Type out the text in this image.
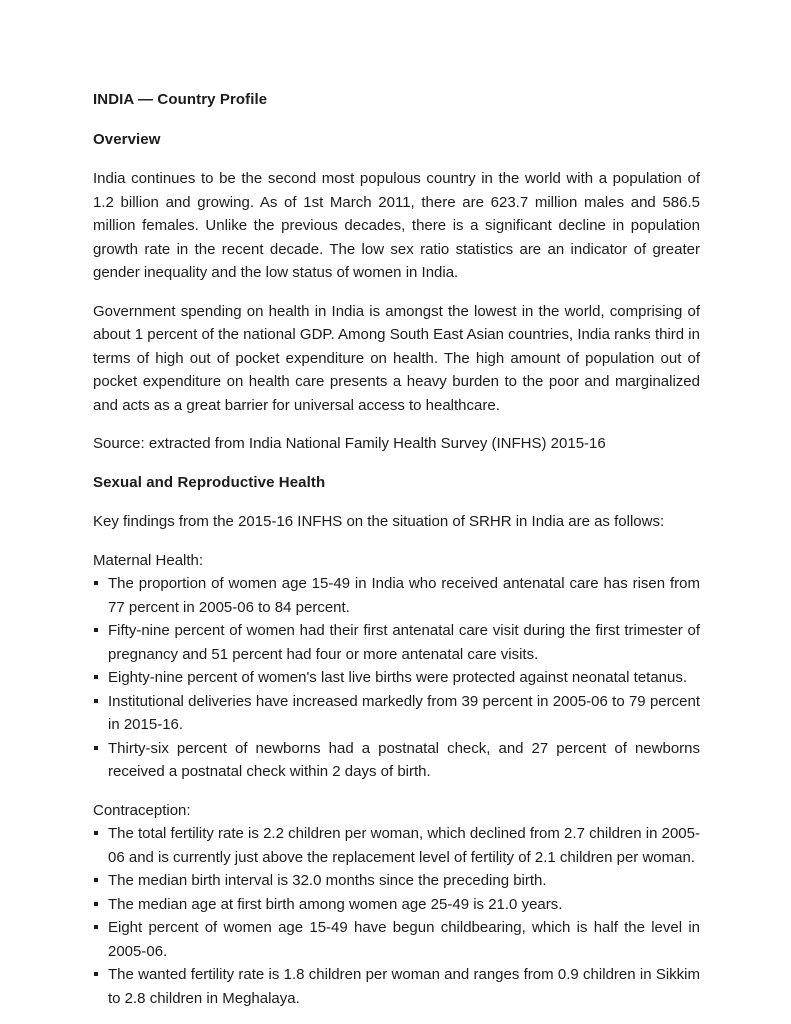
INDIA — Country Profile
Overview

India continues to be the second most populous country in the world with a population of 1.2 billion and growing. As of 1st March 2011, there are 623.7 million males and 586.5 million females. Unlike the previous decades, there is a significant decline in population growth rate in the recent decade. The low sex ratio statistics are an indicator of greater gender inequality and the low status of women in India.

Government spending on health in India is amongst the lowest in the world, comprising of about 1 percent of the national GDP. Among South East Asian countries, India ranks third in terms of high out of pocket expenditure on health. The high amount of population out of pocket expenditure on health care presents a heavy burden to the poor and marginalized and acts as a great barrier for universal access to healthcare.

Source: extracted from India National Family Health Survey (INFHS) 2015-16

Sexual and Reproductive Health

Key findings from the 2015-16 INFHS on the situation of SRHR in India are as follows:

Maternal Health:

The proportion of women age 15-49 in India who received antenatal care has risen from 77 percent in 2005-06 to 84 percent.
Fifty-nine percent of women had their first antenatal care visit during the first trimester of pregnancy and 51 percent had four or more antenatal care visits.
Eighty-nine percent of women's last live births were protected against neonatal tetanus.
Institutional deliveries have increased markedly from 39 percent in 2005-06 to 79 percent in 2015-16.
Thirty-six percent of newborns had a postnatal check, and 27 percent of newborns received a postnatal check within 2 days of birth.

Contraception:

The total fertility rate is 2.2 children per woman, which declined from 2.7 children in 2005-06 and is currently just above the replacement level of fertility of 2.1 children per woman.
The median birth interval is 32.0 months since the preceding birth.
The median age at first birth among women age 25-49 is 21.0 years.
Eight percent of women age 15-49 have begun childbearing, which is half the level in 2005-06.
The wanted fertility rate is 1.8 children per woman and ranges from 0.9 children in Sikkim to 2.8 children in Meghalaya.
